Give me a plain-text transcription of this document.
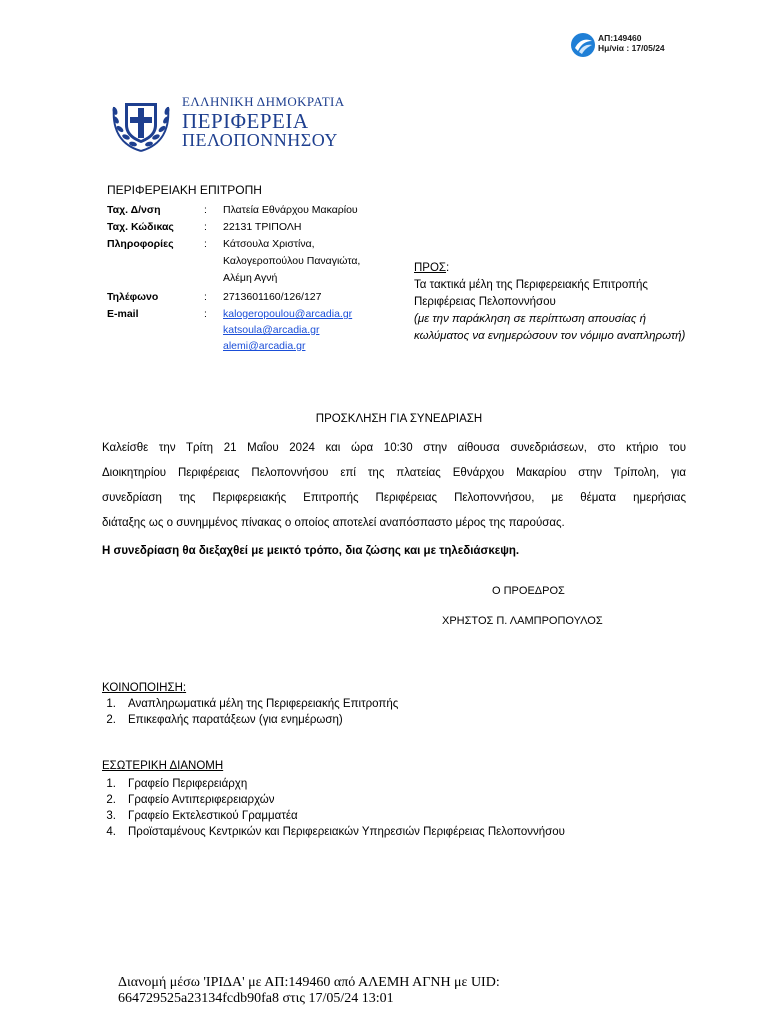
ΑΠ:149460
Ημ/νία : 17/05/24
ΕΛΛΗΝΙΚΗ ΔΗΜΟΚΡΑΤΙΑ
ΠΕΡΙΦΕΡΕΙΑ
ΠΕΛΟΠΟΝΝΗΣΟΥ
ΠΕΡΙΦΕΡΕΙΑΚΗ ΕΠΙΤΡΟΠΗ
Ταχ. Δ/νση	: Πλατεία Εθνάρχου Μακαρίου
Ταχ. Κώδικας	: 22131 ΤΡΙΠΟΛΗ
Πληροφορίες	: Κάτσουλα Χριστίνα,
Καλογεροπούλου Παναγιώτα,
Αλέμη Αγνή
Τηλέφωνο	: 2713601160/126/127
E-mail	: kalogeropoulou@arcadia.gr
katsoula@arcadia.gr
alemi@arcadia.gr
ΠΡΟΣ:
Τα τακτικά μέλη της Περιφερειακής Επιτροπής
Περιφέρειας Πελοποννήσου
(με την παράκληση σε περίπτωση απουσίας ή κωλύματος να ενημερώσουν τον νόμιμο αναπληρωτή)
ΠΡΟΣΚΛΗΣΗ ΓΙΑ ΣΥΝΕΔΡΙΑΣΗ
Καλείσθε την Τρίτη 21 Μαΐου 2024 και ώρα 10:30 στην αίθουσα συνεδριάσεων, στο κτήριο του
Διοικητηρίου Περιφέρειας Πελοποννήσου επί της πλατείας Εθνάρχου Μακαρίου στην Τρίπολη, για
συνεδρίαση της Περιφερειακής Επιτροπής Περιφέρειας Πελοποννήσου, με θέματα ημερήσιας
διάταξης ως ο συνημμένος πίνακας ο οποίος αποτελεί αναπόσπαστο μέρος της παρούσας.
Η συνεδρίαση θα διεξαχθεί με μεικτό τρόπο, δια ζώσης και με τηλεδιάσκεψη.
Ο ΠΡΟΕΔΡΟΣ
ΧΡΗΣΤΟΣ Π. ΛΑΜΠΡΟΠΟΥΛΟΣ
ΚΟΙΝΟΠΟΙΗΣΗ:
1. Αναπληρωματικά μέλη της Περιφερειακής Επιτροπής
2. Επικεφαλής παρατάξεων (για ενημέρωση)
ΕΣΩΤΕΡΙΚΗ ΔΙΑΝΟΜΗ
1. Γραφείο Περιφερειάρχη
2. Γραφείο Αντιπεριφερειαρχών
3. Γραφείο Εκτελεστικού Γραμματέα
4. Προϊσταμένους Κεντρικών και Περιφερειακών Υπηρεσιών Περιφέρειας Πελοποννήσου
Διανομή μέσω 'ΙΡΙΔΑ' με ΑΠ:149460 από ΑΛΕΜΗ ΑΓΝΗ με UID:
664729525a23134fcdb90fa8 στις 17/05/24 13:01
